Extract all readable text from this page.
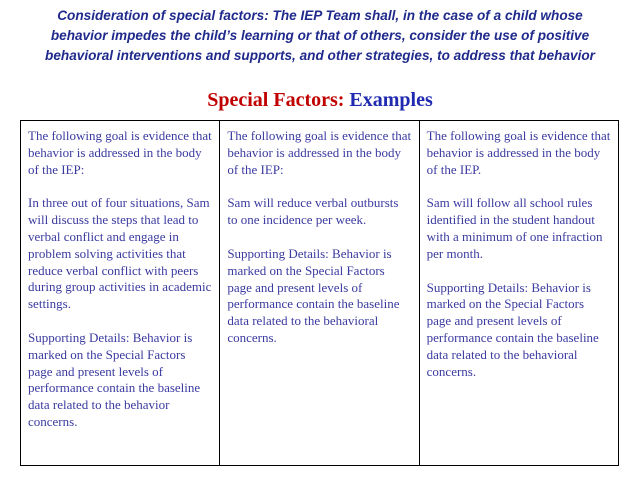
Consideration of special factors: The IEP Team shall, in the case of a child whose
behavior impedes the child’s learning or that of others, consider the use of positive
behavioral interventions and supports, and other strategies, to address that behavior
Special Factors: Examples
The following goal is evidence that behavior is addressed in the body of the IEP:
In three out of four situations, Sam will discuss the steps that lead to verbal conflict and engage in problem solving activities that reduce verbal conflict with peers during group activities in academic settings.
Supporting Details: Behavior is marked on the Special Factors page and present levels of performance contain the baseline data related to the behavior concerns.

The following goal is evidence that behavior is addressed in the body of the IEP:
Sam will reduce verbal outbursts to one incidence per week.
Supporting Details: Behavior is marked on the Special Factors page and present levels of performance contain the baseline data related to the behavioral concerns.

The following goal is evidence that behavior is addressed in the body of the IEP.
Sam will follow all school rules identified in the student handout with a minimum of one infraction per month.
Supporting Details: Behavior is marked on the Special Factors page and present levels of performance contain the baseline data related to the behavioral concerns.
